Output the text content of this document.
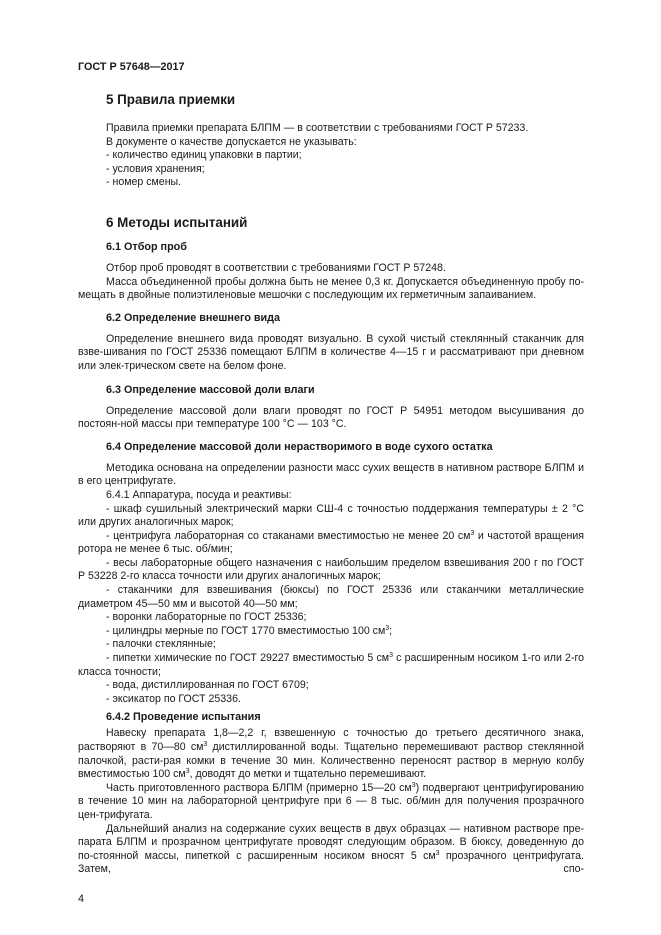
ГОСТ Р 57648—2017
5 Правила приемки

Правила приемки препарата БЛПМ — в соответствии с требованиями ГОСТ Р 57233.

В документе о качестве допускается не указывать:

- количество единиц упаковки в партии;

- условия хранения;

- номер смены.

6 Методы испытаний
6.1 Отбор проб

Отбор проб проводят в соответствии с требованиями ГОСТ Р 57248.

Масса объединенной пробы должна быть не менее 0,3 кг. Допускается объединенную пробу по-мещать в двойные полиэтиленовые мешочки с последующим их герметичным запаиванием.

6.2 Определение внешнего вида

Определение внешнего вида проводят визуально. В сухой чистый стеклянный стаканчик для взве-шивания по ГОСТ 25336 помещают БЛПМ в количестве 4—15 г и рассматривают при дневном или элек-трическом свете на белом фоне.

6.3 Определение массовой доли влаги

Определение массовой доли влаги проводят по ГОСТ Р 54951 методом высушивания до постоян-ной массы при температуре 100 °С — 103 °С.

6.4 Определение массовой доли нерастворимого в воде сухого остатка

Методика основана на определении разности масс сухих веществ в нативном растворе БЛПМ и в его центрифугате.

6.4.1 Аппаратура, посуда и реактивы:

- шкаф сушильный электрический марки СШ-4 с точностью поддержания температуры ± 2 °С или других аналогичных марок;

- центрифуга лабораторная со стаканами вместимостью не менее 20 $см^3$ и частотой вращения ротора не менее 6 тыс. об/мин;

- весы лабораторные общего назначения с наибольшим пределом взвешивания 200 г по ГОСТ Р 53228 2-го класса точности или других аналогичных марок;

- стаканчики для взвешивания (бюксы) по ГОСТ 25336 или стаканчики металлические диаметром 45—50 мм и высотой 40—50 мм;

- воронки лабораторные по ГОСТ 25336;

- цилиндры мерные по ГОСТ 1770 вместимостью 100 $см^3$;

- палочки стеклянные;

- пипетки химические по ГОСТ 29227 вместимостью 5 $см^3$ с расширенным носиком 1-го или 2-го класса точности;

- вода, дистиллированная по ГОСТ 6709;

- эксикатор по ГОСТ 25336.

6.4.2 Проведение испытания

Навеску препарата 1,8—2,2 г, взвешенную с точностью до третьего десятичного знака, растворяют в 70—80 $см^3$ дистиллированной воды. Тщательно перемешивают раствор стеклянной палочкой, расти-рая комки в течение 30 мин. Количественно переносят раствор в мерную колбу вместимостью 100 $см^3$, доводят до метки и тщательно перемешивают.

Часть приготовленного раствора БЛПМ (примерно 15—20 $см^3$) подвергают центрифугированию в течение 10 мин на лабораторной центрифуге при 6 — 8 тыс. об/мин для получения прозрачного цен-трифугата.

Дальнейший анализ на содержание сухих веществ в двух образцах — нативном растворе пре-парата БЛПМ и прозрачном центрифугате проводят следующим образом. В бюксу, доведенную до по-стоянной массы, пипеткой с расширенным носиком вносят 5 $см^3$ прозрачного центрифугата. Затем, спо-

4
